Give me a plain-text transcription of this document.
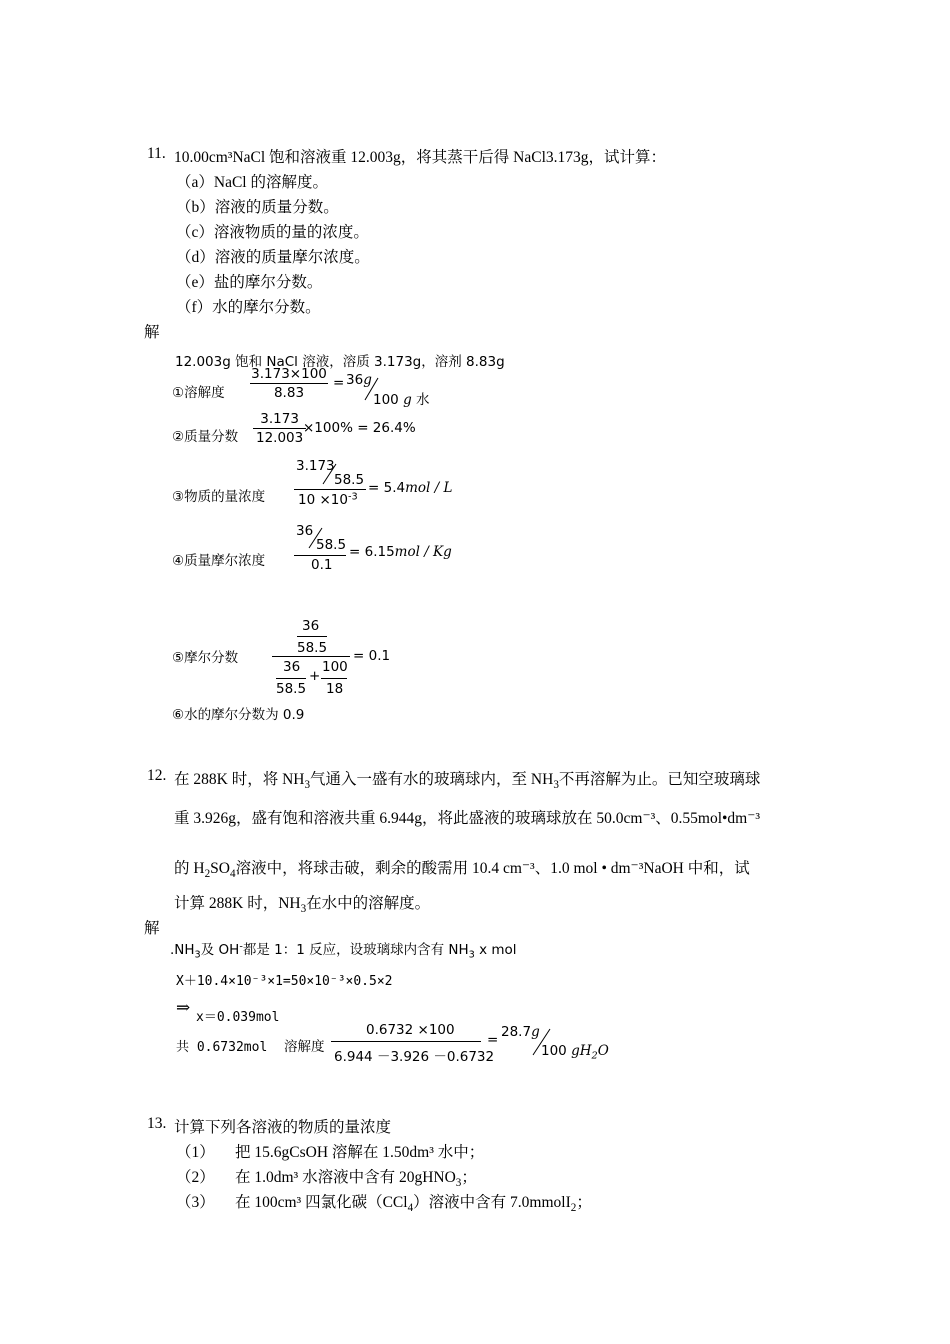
11. 10.00cm³NaCl 饱和溶液重 12.003g，将其蒸干后得 NaCl3.173g，试计算：
（a）NaCl 的溶解度。
（b）溶液的质量分数。
（c）溶液物质的量的浓度。
（d）溶液的质量摩尔浓度。
（e）盐的摩尔分数。
（f）水的摩尔分数。
解
12.003g 饱和 NaCl 溶液，溶质 3.173g，溶剂 8.83g
①溶解度 $\frac{3.173\times 100}{8.83} = 36g$
100 g 水
②质量分数 $\frac{3.173}{12.003}$
×100% = 26.4%
③物质的量浓度
3.173
58.5
$10 \times 10^{-3}$
= 5.4mol / L
④质量摩尔浓度
36
58.5
0.1
= 6.15mol / Kg
⑤摩尔分数
36
58.5
36
58.5
+
100
18
= 0.1
⑥水的摩尔分数为 0.9
12. 在 288K 时，将 $NH_3$气通入一盛有水的玻璃球内，至 $NH_3$不再溶解为止。已知空玻璃球
重 3.926g，盛有饱和溶液共重 6.944g，将此盛液的玻璃球放在 50.0cm⁻³、0.55mol•dm⁻³
的 $H_2SO_4$溶液中，将球击破，剩余的酸需用 10.4 cm⁻³、1.0 mol • dm⁻³NaOH 中和，试
计算 288K 时，$NH_3$在水中的溶解度。
解
$.NH_3$及 OH-都是 1：1 反应，设玻璃球内含有 $NH_3$ x mol
X＋10.4×10⁻³×1=50×10⁻³×0.5×2
⇒
x＝0.039mol
共 0.6732mol 溶解度
0.6732 ×100
6.944 －3.926 －0.6732
= 28.7g
100 $gH_2O$
13. 计算下列各溶液的物质的量浓度
（1） 把 15.6gCsOH 溶解在 1.50dm³ 水中；
（2） 在 1.0dm³ 水溶液中含有 20gHNO$_3$；
（3） 在 100cm³ 四氯化碳（CCl$_4$）溶液中含有 7.0mmolI$_2$；
